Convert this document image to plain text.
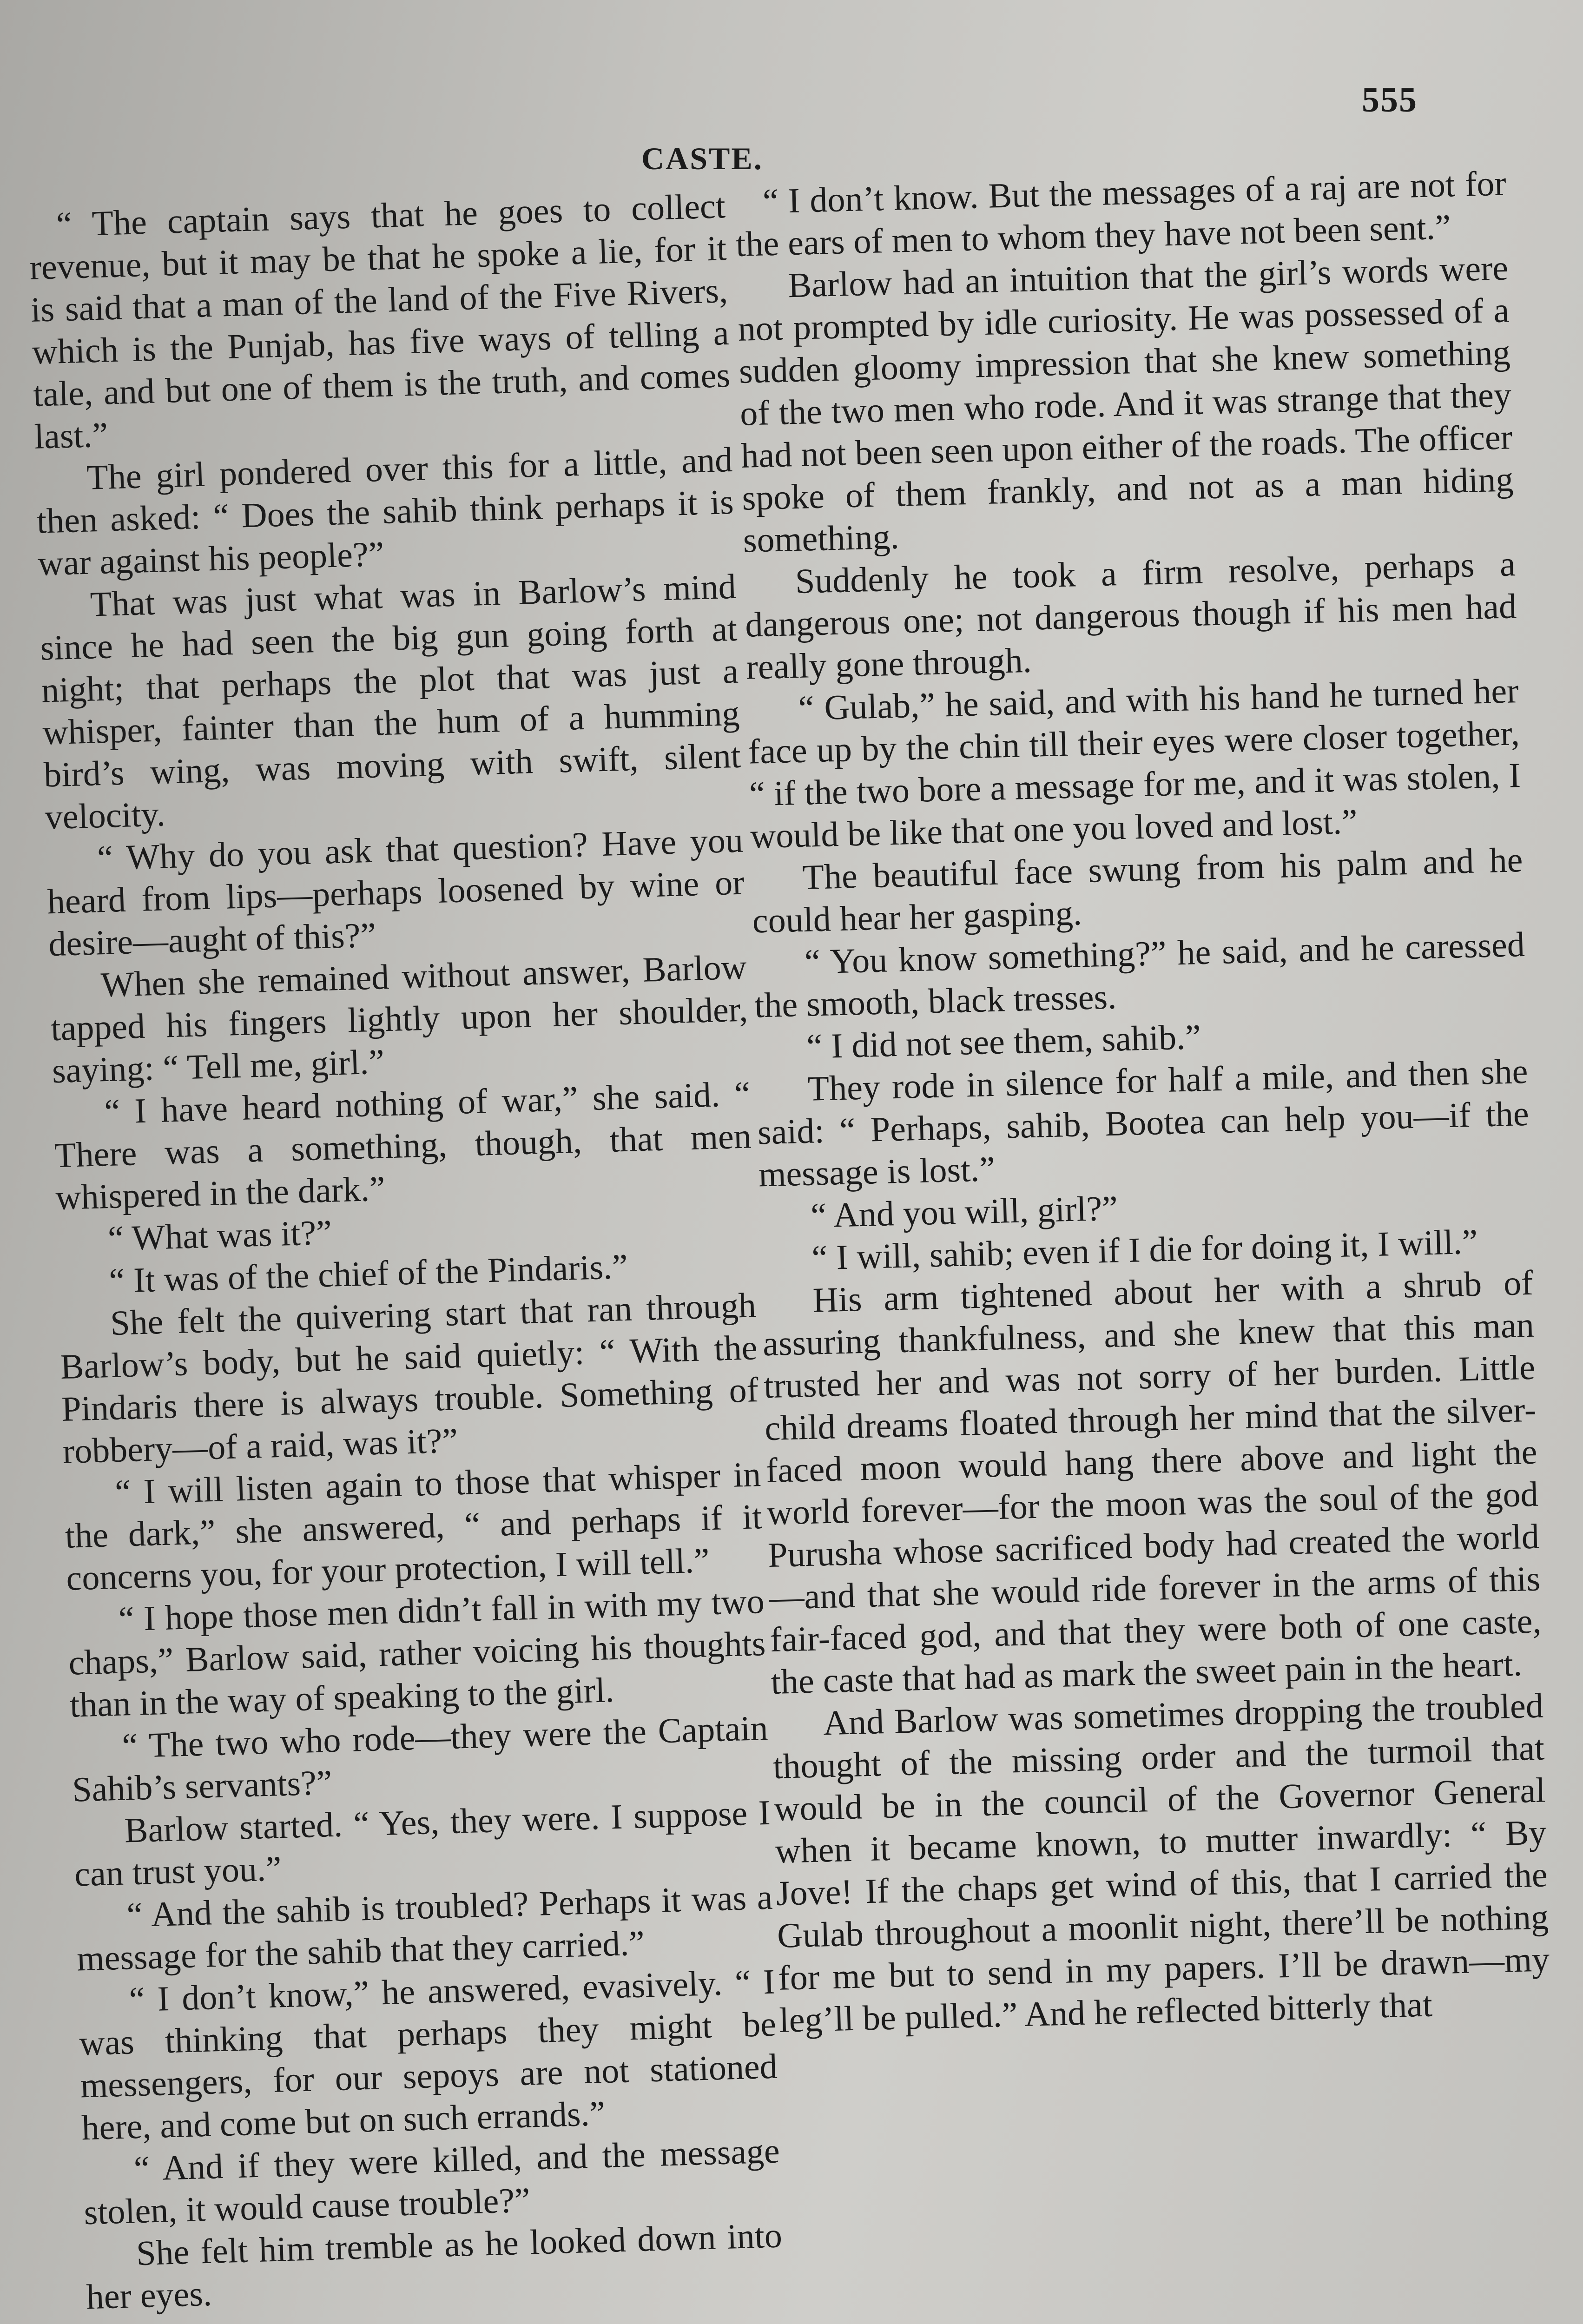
555
CASTE.

“ The captain says that he goes to collect revenue, but it may be that he spoke a lie, for it is said that a man of the land of the Five Rivers, which is the Punjab, has five ways of telling a tale, and but one of them is the truth, and comes last.”

The girl pondered over this for a little, and then asked: “ Does the sahib think perhaps it is war against his people?”

That was just what was in Barlow’s mind since he had seen the big gun going forth at night; that perhaps the plot that was just a whisper, fainter than the hum of a humming bird’s wing, was moving with swift, silent velocity.

“ Why do you ask that question? Have you heard from lips—perhaps loosened by wine or desire—aught of this?”

When she remained without answer, Barlow tapped his fingers lightly upon her shoulder, saying: “ Tell me, girl.”

“ I have heard nothing of war,” she said. “ There was a something, though, that men whispered in the dark.”

“ What was it?”

“ It was of the chief of the Pindaris.”

She felt the quivering start that ran through Barlow’s body, but he said quietly: “ With the Pindaris there is always trouble. Something of robbery—of a raid, was it?”

“ I will listen again to those that whisper in the dark,” she answered, “ and perhaps if it concerns you, for your protection, I will tell.”

“ I hope those men didn’t fall in with my two chaps,” Barlow said, rather voicing his thoughts than in the way of speaking to the girl.

“ The two who rode—they were the Captain Sahib’s servants?”

Barlow started. “ Yes, they were. I suppose I can trust you.”

“ And the sahib is troubled? Perhaps it was a message for the sahib that they carried.”

“ I don’t know,” he answered, evasively. “ I was thinking that perhaps they might be messengers, for our sepoys are not stationed here, and come but on such errands.”

“ And if they were killed, and the message stolen, it would cause trouble?”

She felt him tremble as he looked down into her eyes.

“ I don’t know. But the messages of a raj are not for the ears of men to whom they have not been sent.”

Barlow had an intuition that the girl’s words were not prompted by idle curiosity. He was possessed of a sudden gloomy impression that she knew something of the two men who rode. And it was strange that they had not been seen upon either of the roads. The officer spoke of them frankly, and not as a man hiding something.

Suddenly he took a firm resolve, perhaps a dangerous one; not dangerous though if his men had really gone through.

“ Gulab,” he said, and with his hand he turned her face up by the chin till their eyes were closer together, “ if the two bore a message for me, and it was stolen, I would be like that one you loved and lost.”

The beautiful face swung from his palm and he could hear her gasping.

“ You know something?” he said, and he caressed the smooth, black tresses.

“ I did not see them, sahib.”

They rode in silence for half a mile, and then she said: “ Perhaps, sahib, Bootea can help you—if the message is lost.”

“ And you will, girl?”

“ I will, sahib; even if I die for doing it, I will.”

His arm tightened about her with a shrub of assuring thankfulness, and she knew that this man trusted her and was not sorry of her burden. Little child dreams floated through her mind that the silver-faced moon would hang there above and light the world forever—for the moon was the soul of the god Purusha whose sacrificed body had created the world—and that she would ride forever in the arms of this fair-faced god, and that they were both of one caste, the caste that had as mark the sweet pain in the heart.

And Barlow was sometimes dropping the troubled thought of the missing order and the turmoil that would be in the council of the Governor General when it became known, to mutter inwardly: “ By Jove! If the chaps get wind of this, that I carried the Gulab throughout a moonlit night, there’ll be nothing for me but to send in my papers. I’ll be drawn—my leg’ll be pulled.” And he reflected bitterly that
